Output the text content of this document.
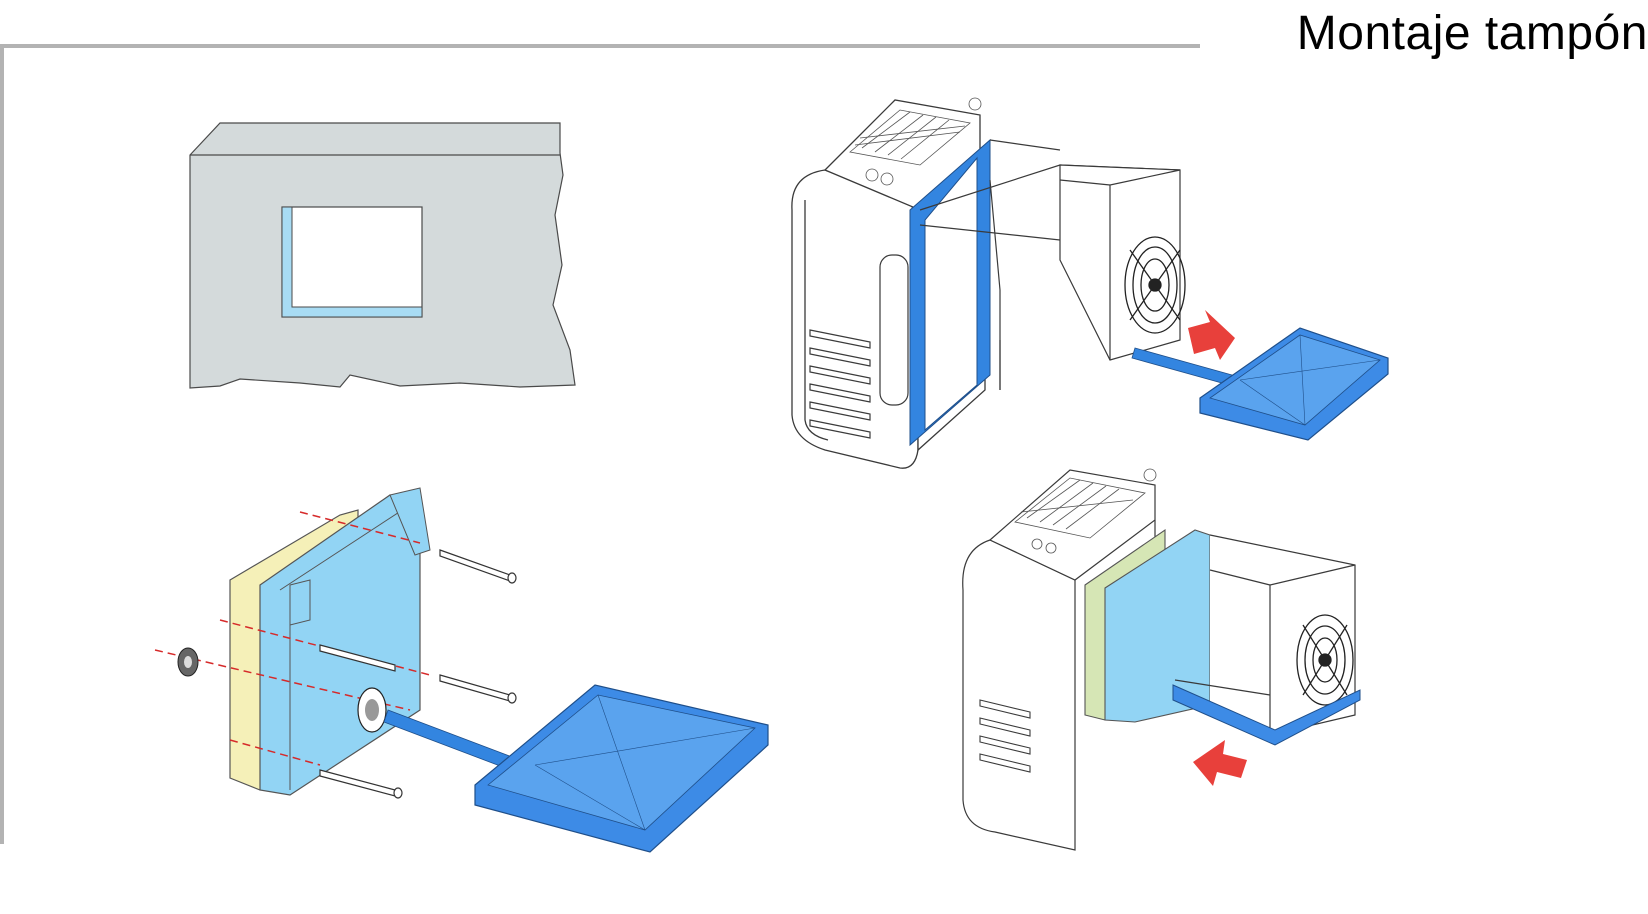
Montaje tampón
